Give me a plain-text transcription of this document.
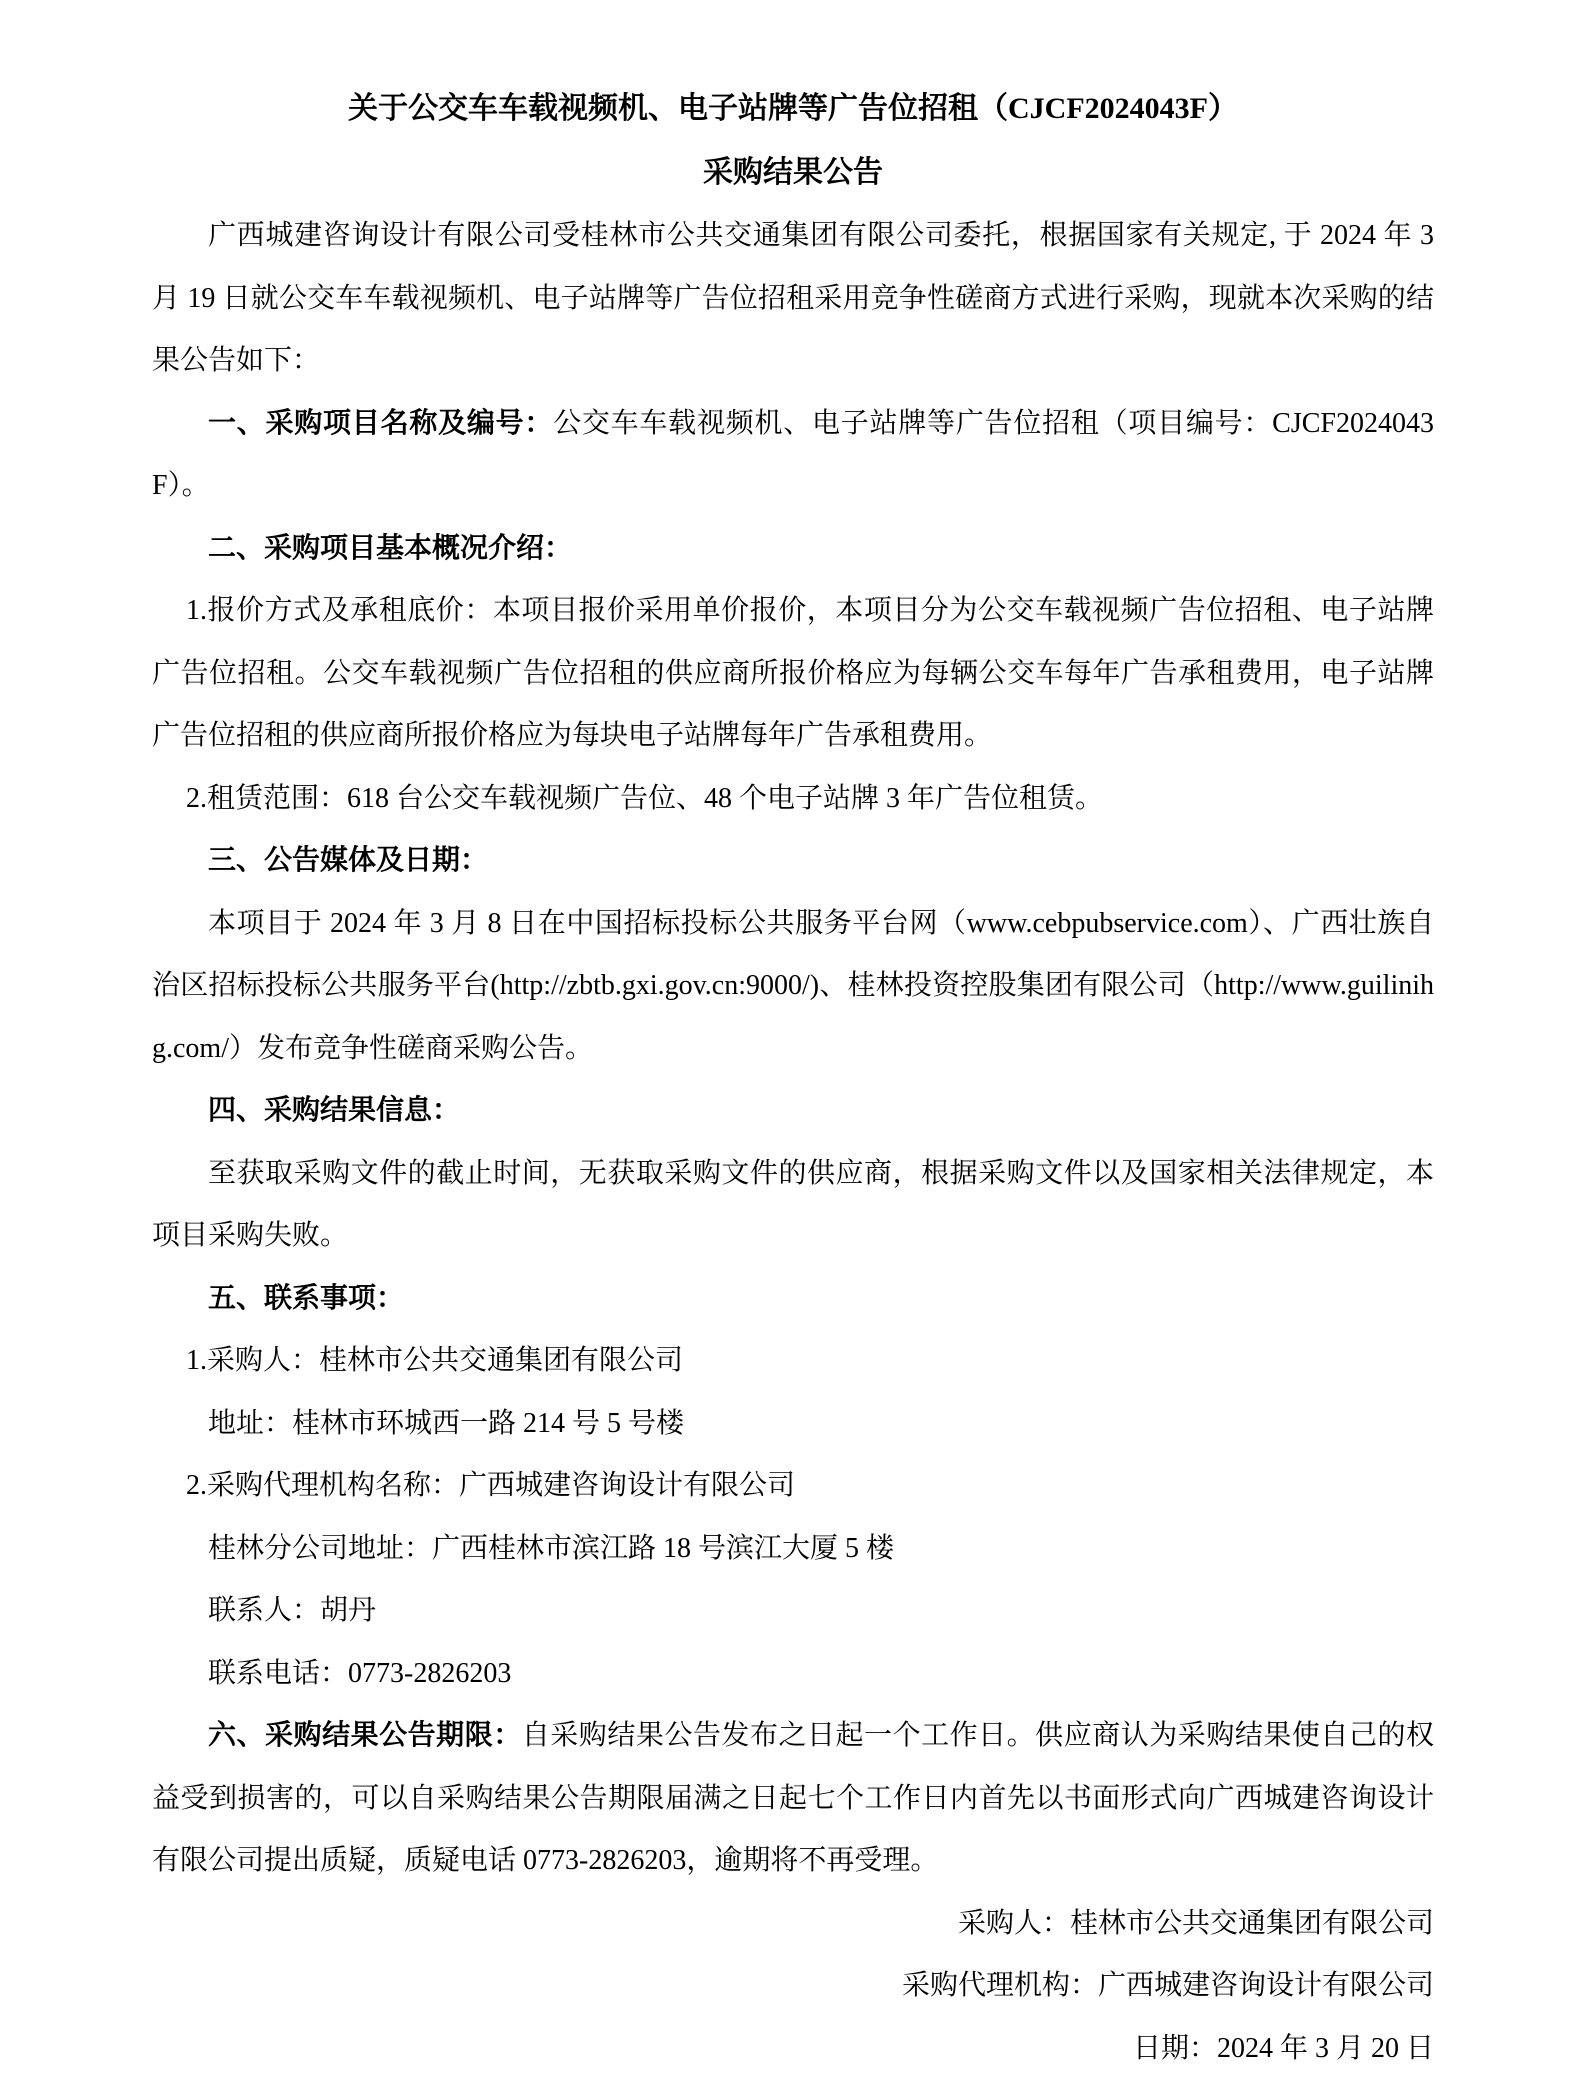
关于公交车车载视频机、电子站牌等广告位招租（CJCF2024043F）

采购结果公告

广西城建咨询设计有限公司受桂林市公共交通集团有限公司委托，根据国家有关规定, 于 2024 年 3 月 19 日就公交车车载视频机、电子站牌等广告位招租采用竞争性磋商方式进行采购，现就本次采购的结果公告如下：

一、采购项目名称及编号：公交车车载视频机、电子站牌等广告位招租（项目编号：CJCF2024043F）。

二、采购项目基本概况介绍：

1.报价方式及承租底价：本项目报价采用单价报价，本项目分为公交车载视频广告位招租、电子站牌广告位招租。公交车载视频广告位招租的供应商所报价格应为每辆公交车每年广告承租费用，电子站牌广告位招租的供应商所报价格应为每块电子站牌每年广告承租费用。

2.租赁范围：618 台公交车载视频广告位、48 个电子站牌 3 年广告位租赁。

三、公告媒体及日期：

本项目于 2024 年 3 月 8 日在中国招标投标公共服务平台网（www.cebpubservice.com）、广西壮族自治区招标投标公共服务平台(http://zbtb.gxi.gov.cn:9000/)、桂林投资控股集团有限公司（http://www.guilinihg.com/）发布竞争性磋商采购公告。

四、采购结果信息：

至获取采购文件的截止时间，无获取采购文件的供应商，根据采购文件以及国家相关法律规定，本项目采购失败。

五、联系事项：

1.采购人：桂林市公共交通集团有限公司

地址：桂林市环城西一路 214 号 5 号楼

2.采购代理机构名称：广西城建咨询设计有限公司

桂林分公司地址：广西桂林市滨江路 18 号滨江大厦 5 楼

联系人：胡丹

联系电话：0773-2826203

六、采购结果公告期限：自采购结果公告发布之日起一个工作日。供应商认为采购结果使自己的权益受到损害的，可以自采购结果公告期限届满之日起七个工作日内首先以书面形式向广西城建咨询设计有限公司提出质疑，质疑电话 0773-2826203，逾期将不再受理。

采购人：桂林市公共交通集团有限公司

采购代理机构：广西城建咨询设计有限公司

日期：2024 年 3 月 20 日
